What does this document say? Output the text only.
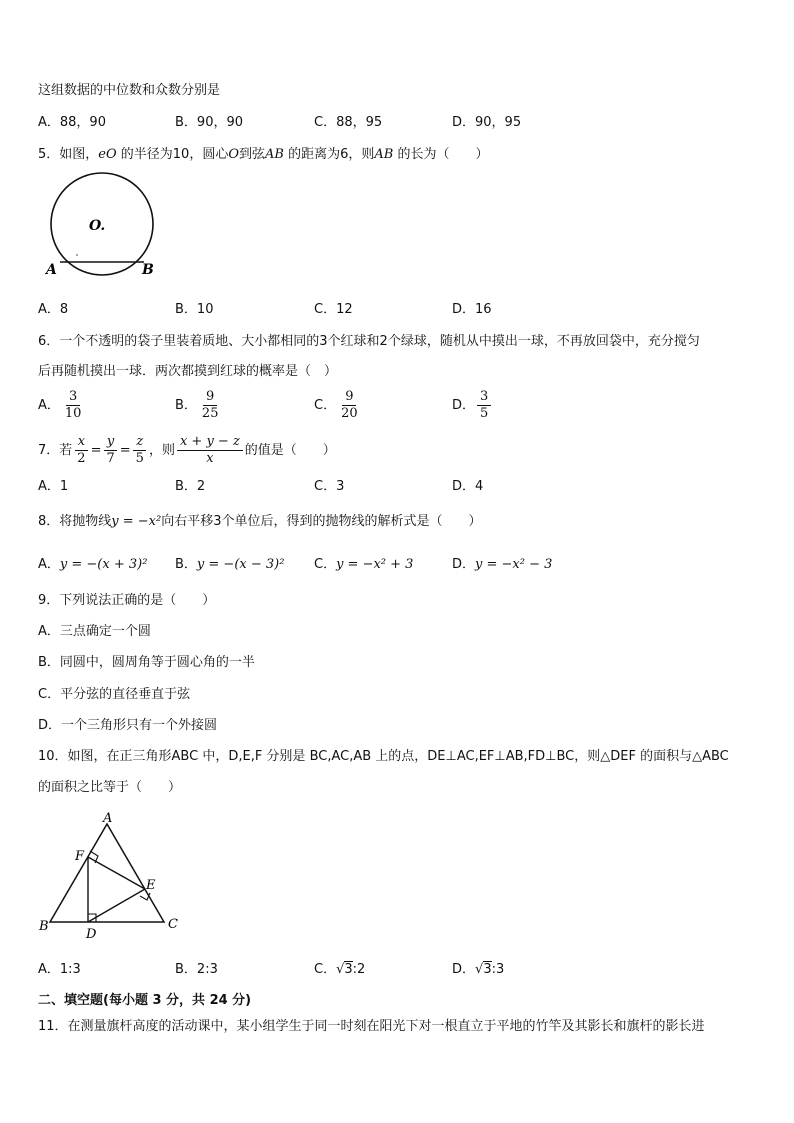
这组数据的中位数和众数分别是
A．88，90	B．90，90	C．88，95	D．90，95
5．如图，eO 的半径为10，圆心O到弦AB 的距离为6，则AB 的长为（　　）
O.
A	B
A．8	B．10	C．12	D．16
6．一个不透明的袋子里装着质地、大小都相同的3个红球和2个绿球，随机从中摸出一球，不再放回袋中，充分搅匀
后再随机摸出一球．两次都摸到红球的概率是（　）
A． $\frac{3}{10}$	B． $\frac{9}{25}$	C． $\frac{9}{20}$	D． $\frac{3}{5}$
7．若 $\frac{x}{2} = \frac{y}{7} = \frac{z}{5}$ ，则 $\frac{x + y - z}{x}$ 的值是（　　）
A．1	B．2	C．3	D．4
8．将抛物线y = −x²向右平移3个单位后，得到的抛物线的解析式是（　　）
A．y = −(x + 3)² B．y = −(x − 3)² C．y = −x² + 3	D．y = −x² − 3
9．下列说法正确的是（　　）
A．三点确定一个圆
B．同圆中，圆周角等于圆心角的一半
C．平分弦的直径垂直于弦
D．一个三角形只有一个外接圆
10．如图，在正三角形ABC 中，D,E,F 分别是 BC,AC,AB 上的点，DE⊥AC,EF⊥AB,FD⊥BC，则△DEF 的面积与△ABC
的面积之比等于（　　）
A
B	C
D
E
F
A．1:3	B．2:3	C．√3:2	D．√3:3
二、填空题(每小题 3 分，共 24 分)
11．在测量旗杆高度的活动课中，某小组学生于同一时刻在阳光下对一根直立于平地的竹竿及其影长和旗杆的影长进
